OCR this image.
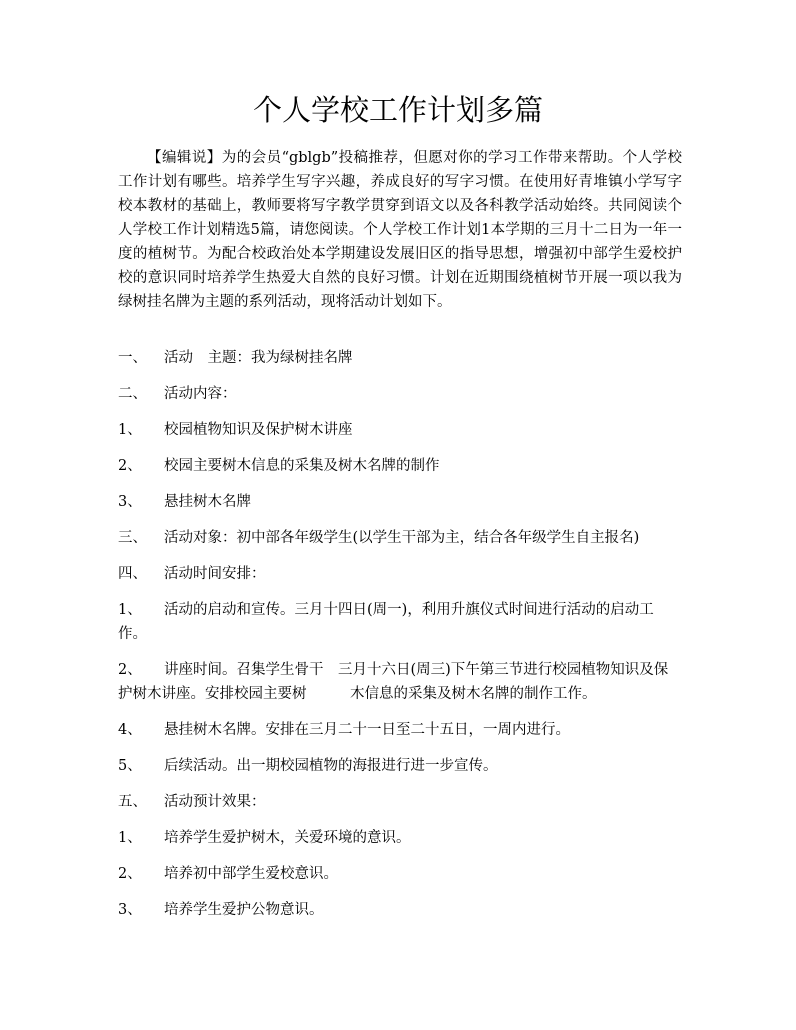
个人学校工作计划多篇

【编辑说】为的会员“gblgb”投稿推荐，但愿对你的学习工作带来帮助。个人学校工作计划有哪些。培养学生写字兴趣，养成良好的写字习惯。在使用好青堆镇小学写字校本教材的基础上，教师要将写字教学贯穿到语文以及各科教学活动始终。共同阅读个人学校工作计划精选5篇，请您阅读。个人学校工作计划1本学期的三月十二日为一年一度的植树节。为配合校政治处本学期建设发展旧区的指导思想，增强初中部学生爱校护校的意识同时培养学生热爱大自然的良好习惯。计划在近期围绕植树节开展一项以我为绿树挂名牌为主题的系列活动，现将活动计划如下。

一、 活动　主题：我为绿树挂名牌
二、 活动内容：
1、 校园植物知识及保护树木讲座
2、 校园主要树木信息的采集及树木名牌的制作
3、 悬挂树木名牌
三、 活动对象：初中部各年级学生(以学生干部为主，结合各年级学生自主报名)
四、 活动时间安排：
1、 活动的启动和宣传。三月十四日(周一)，利用升旗仪式时间进行活动的启动工作。
2、 讲座时间。召集学生骨干　三月十六日(周三)下午第三节进行校园植物知识及保护树木讲座。安排校园主要树　　　木信息的采集及树木名牌的制作工作。
4、 悬挂树木名牌。安排在三月二十一日至二十五日，一周内进行。
5、 后续活动。出一期校园植物的海报进行进一步宣传。
五、 活动预计效果：
1、 培养学生爱护树木，关爱环境的意识。
2、 培养初中部学生爱校意识。
3、 培养学生爱护公物意识。
